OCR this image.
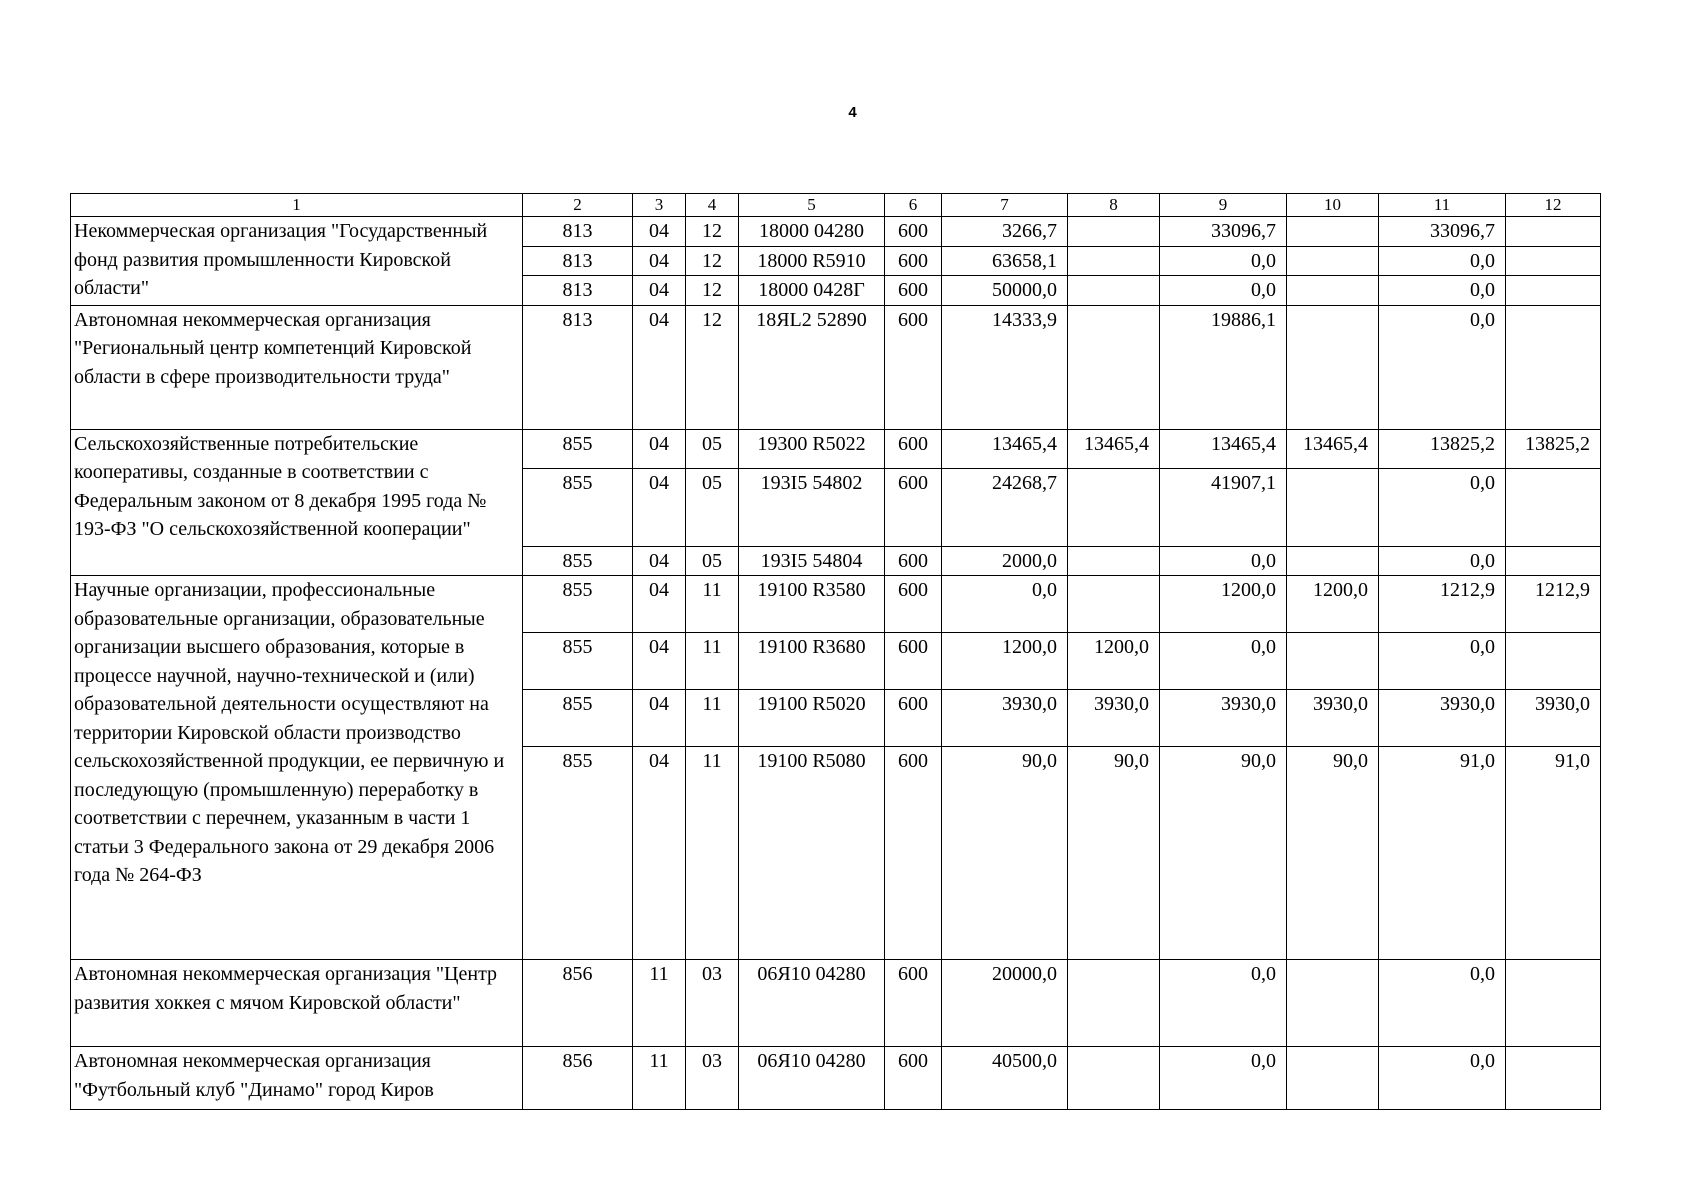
4
1	2	3	4	5	6	7	8	9	10	11	12
Некоммерческая организация "Государственный фонд развития промышленности Кировской области"	813	04	12	18000 04280	600	3266,7		33096,7		33096,7	
	813	04	12	18000 R5910	600	63658,1		0,0		0,0	
	813	04	12	18000 0428Г	600	50000,0		0,0		0,0	
Автономная некоммерческая организация "Региональный центр компетенций Кировской области в сфере производительности труда"	813	04	12	18ЯL2 52890	600	14333,9		19886,1		0,0	
Сельскохозяйственные потребительские кооперативы, созданные в соответствии с Федеральным законом от 8 декабря 1995 года № 193-ФЗ "О сельскохозяйственной кооперации"	855	04	05	19300 R5022	600	13465,4	13465,4	13465,4	13465,4	13825,2	13825,2
	855	04	05	193I5 54802	600	24268,7		41907,1		0,0	
	855	04	05	193I5 54804	600	2000,0		0,0		0,0	
Научные организации, профессиональные образовательные организации, образовательные организации высшего образования, которые в процессе научной, научно-технической и (или) образовательной деятельности осуществляют на территории Кировской области производство сельскохозяйственной продукции, ее первичную и последующую (промышленную) переработку в соответствии с перечнем, указанным в части 1 статьи 3 Федерального закона от 29 декабря 2006 года № 264-ФЗ	855	04	11	19100 R3580	600	0,0		1200,0	1200,0	1212,9	1212,9
	855	04	11	19100 R3680	600	1200,0	1200,0	0,0		0,0	
	855	04	11	19100 R5020	600	3930,0	3930,0	3930,0	3930,0	3930,0	3930,0
	855	04	11	19100 R5080	600	90,0	90,0	90,0	90,0	91,0	91,0
Автономная некоммерческая организация "Центр развития хоккея с мячом Кировской области"	856	11	03	06Я10 04280	600	20000,0		0,0		0,0	
Автономная некоммерческая организация "Футбольный клуб "Динамо" город Киров	856	11	03	06Я10 04280	600	40500,0		0,0		0,0	
